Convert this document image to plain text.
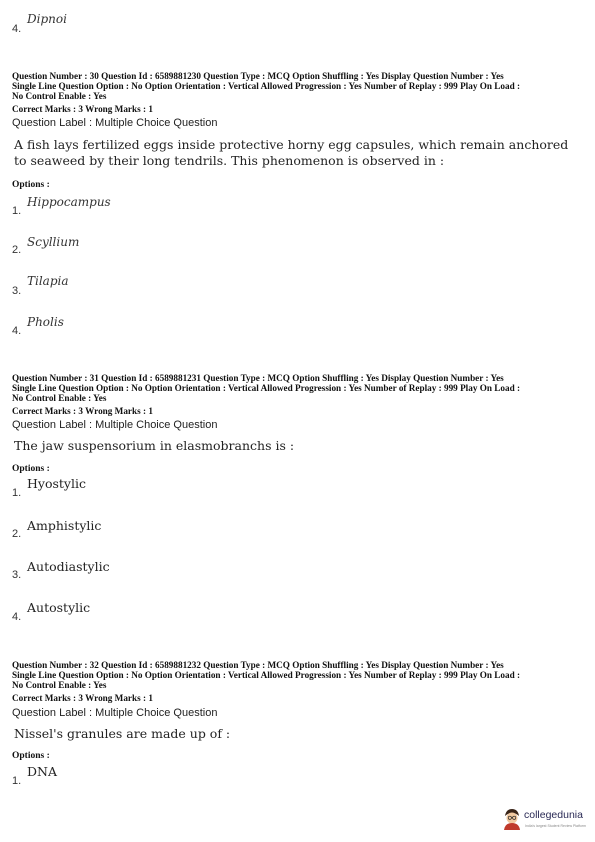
4.
Dipnoi
Question Number : 30 Question Id : 6589881230 Question Type : MCQ Option Shuffling : Yes Display Question Number : Yes
Single Line Question Option : No Option Orientation : Vertical Allowed Progression : Yes Number of Replay : 999 Play On Load :
No Control Enable : Yes
Correct Marks : 3 Wrong Marks : 1
Question Label : Multiple Choice Question
A fish lays fertilized eggs inside protective horny egg capsules, which remain anchored to seaweed by their long tendrils. This phenomenon is observed in :
Options :
1.
Hippocampus
2.
Scyllium
3.
Tilapia
4.
Pholis
Question Number : 31 Question Id : 6589881231 Question Type : MCQ Option Shuffling : Yes Display Question Number : Yes
Single Line Question Option : No Option Orientation : Vertical Allowed Progression : Yes Number of Replay : 999 Play On Load :
No Control Enable : Yes
Correct Marks : 3 Wrong Marks : 1
Question Label : Multiple Choice Question
The jaw suspensorium in elasmobranchs is :
Options :
1.
Hyostylic
2.
Amphistylic
3.
Autodiastylic
4.
Autostylic
Question Number : 32 Question Id : 6589881232 Question Type : MCQ Option Shuffling : Yes Display Question Number : Yes
Single Line Question Option : No Option Orientation : Vertical Allowed Progression : Yes Number of Replay : 999 Play On Load :
No Control Enable : Yes
Correct Marks : 3 Wrong Marks : 1
Question Label : Multiple Choice Question
Nissel's granules are made up of :
Options :
1.
DNA
collegedunia
India's largest Student Review Platform
